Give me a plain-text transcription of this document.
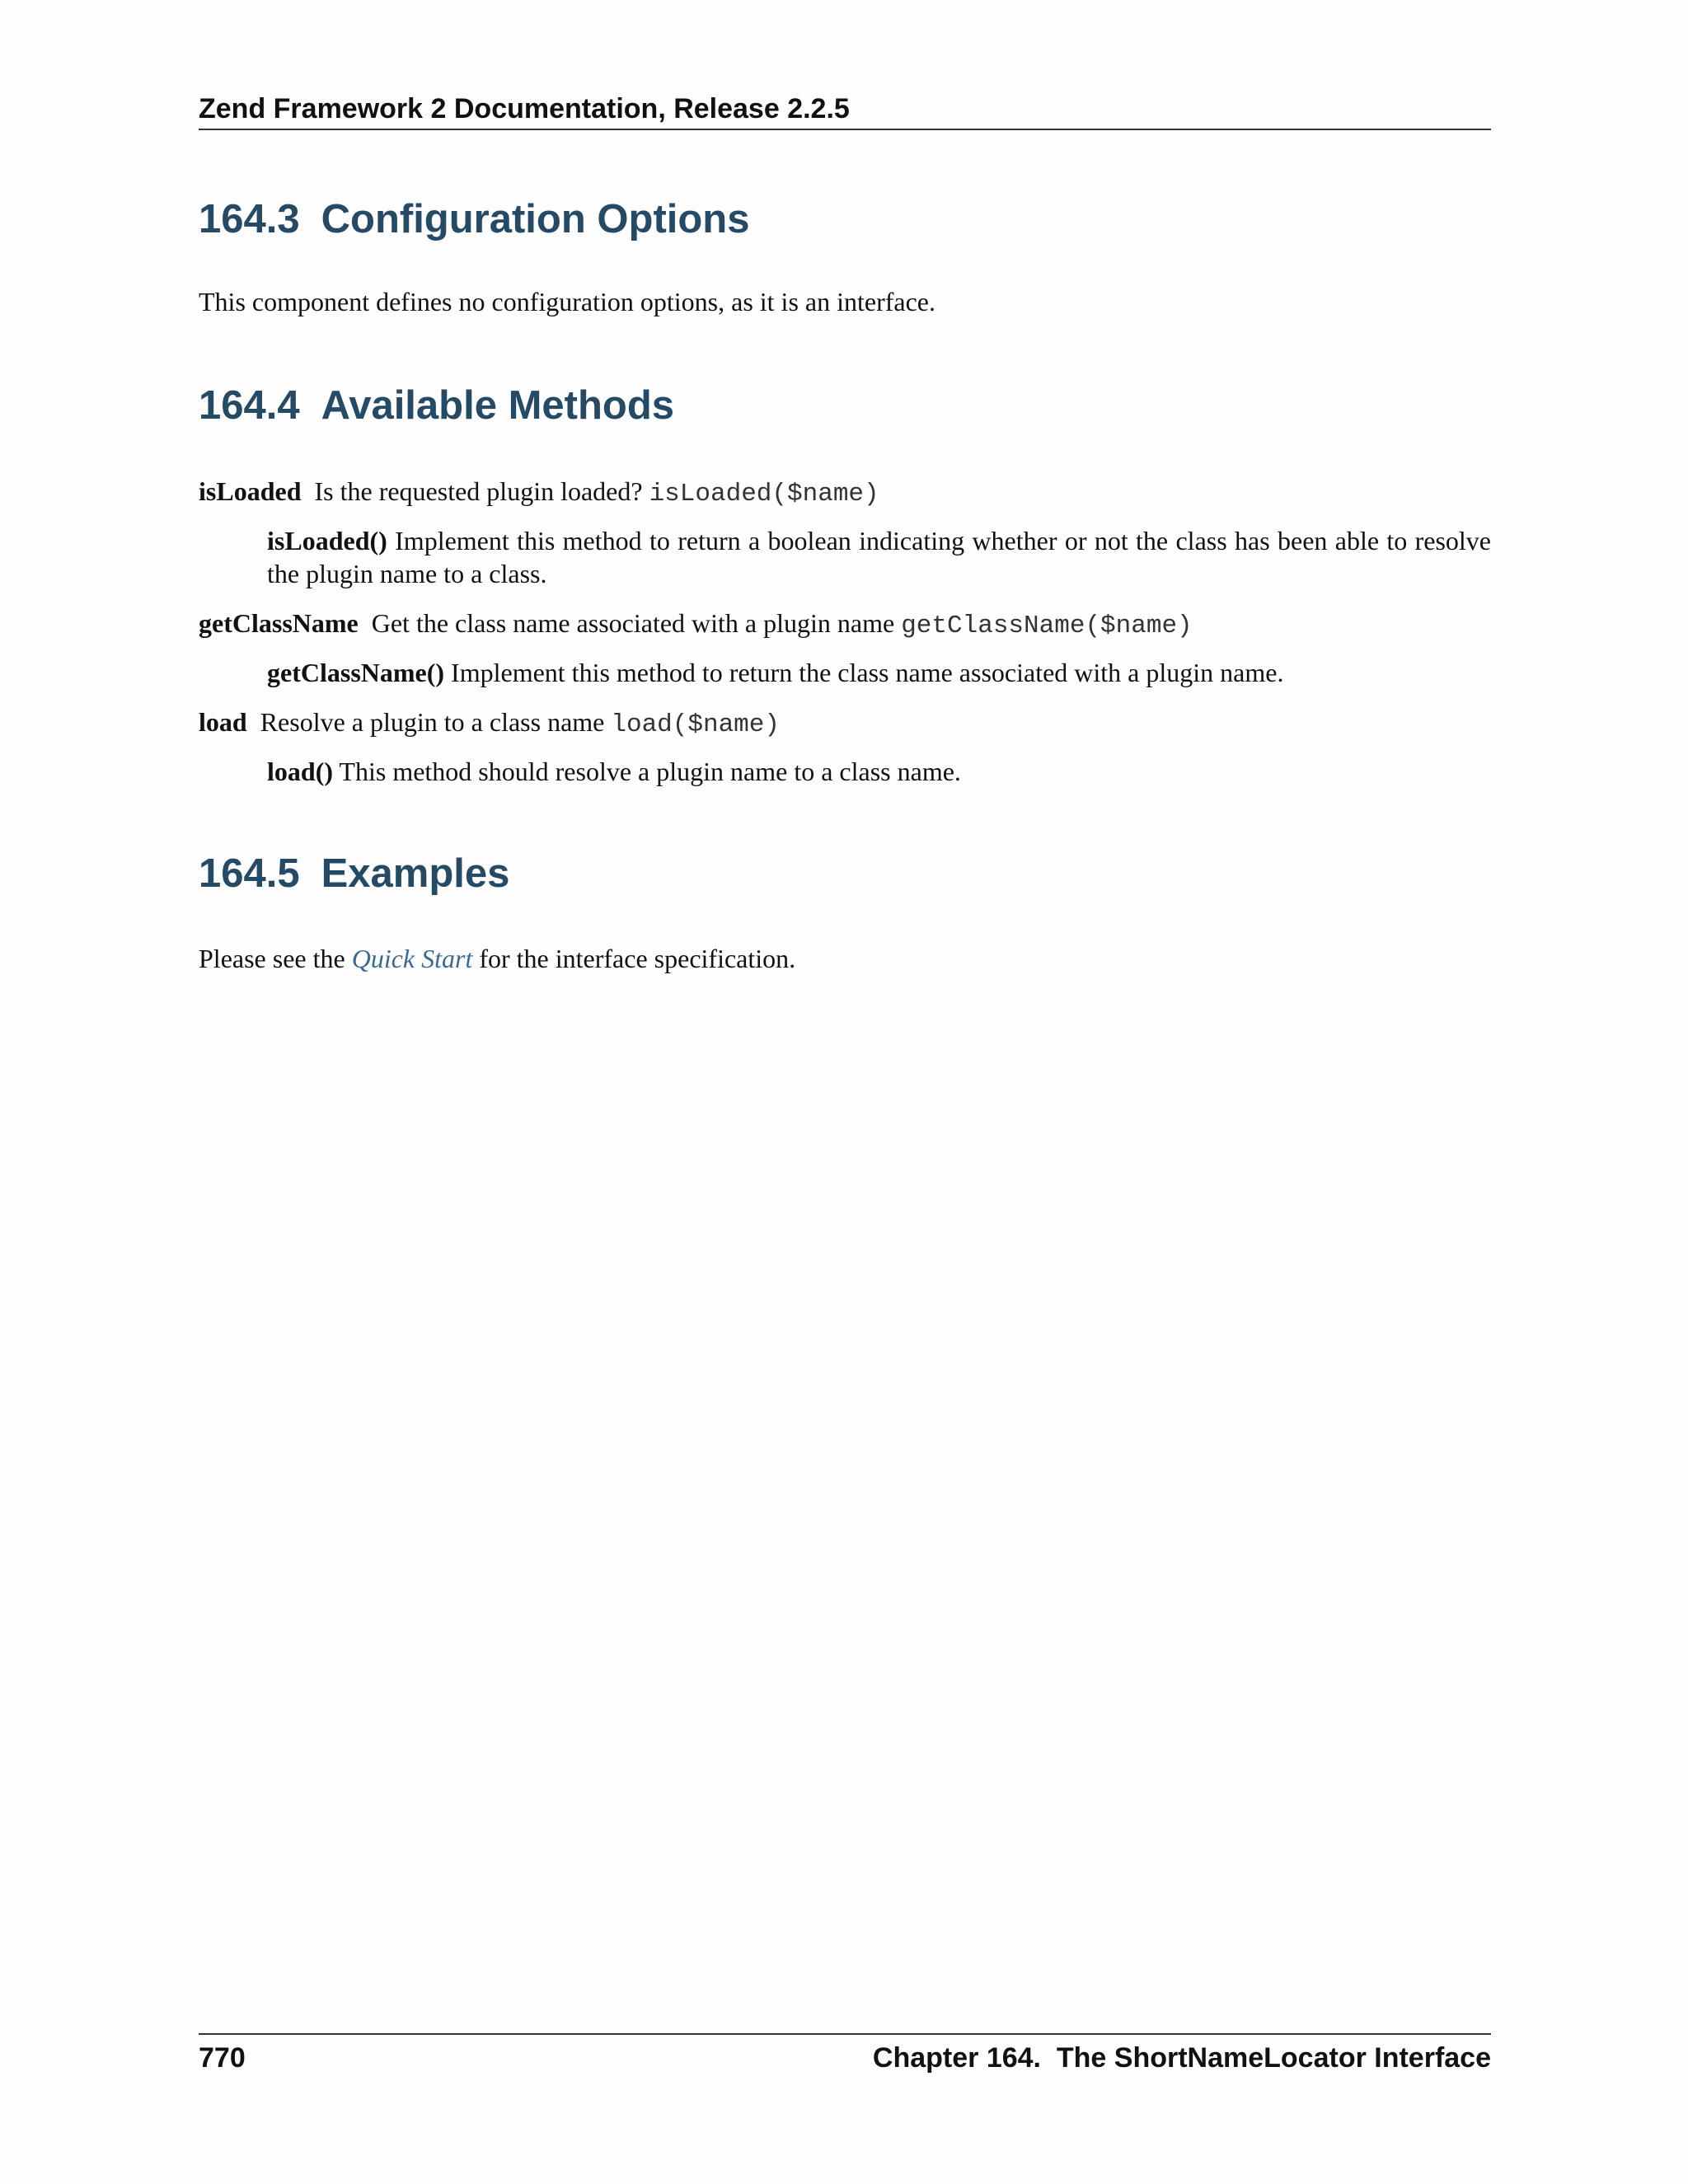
Zend Framework 2 Documentation, Release 2.2.5
164.3 Configuration Options

This component defines no configuration options, as it is an interface.

164.4 Available Methods
isLoaded Is the requested plugin loaded? isLoaded($name)
isLoaded() Implement this method to return a boolean indicating whether or not the class has been able to resolve the plugin name to a class.
getClassName Get the class name associated with a plugin name getClassName($name)
getClassName() Implement this method to return the class name associated with a plugin name.
load Resolve a plugin to a class name load($name)
load() This method should resolve a plugin name to a class name.
164.5 Examples

Please see the Quick Start for the interface specification.

770	Chapter 164.  The ShortNameLocator Interface
